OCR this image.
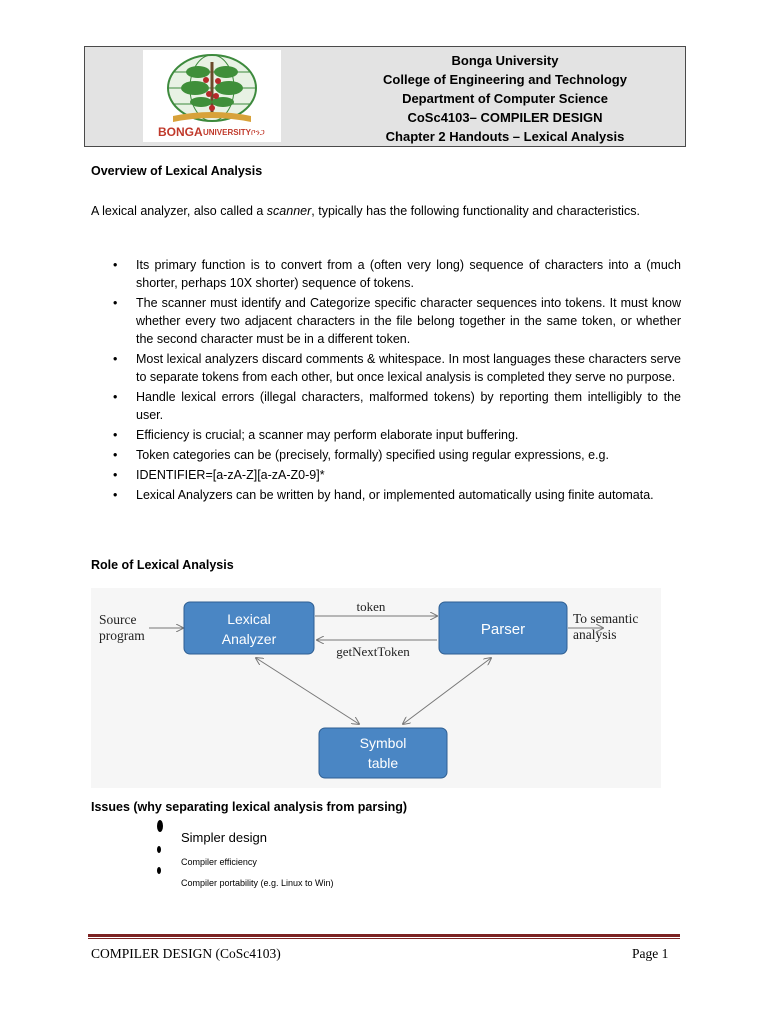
BONGA UNIVERSITY ቦንጋ
Bonga University
College of Engineering and Technology
Department of Computer Science
CoSc4103– COMPILER DESIGN
Chapter 2 Handouts – Lexical Analysis
Overview of Lexical Analysis
A lexical analyzer, also called a scanner, typically has the following functionality and characteristics.
• Its primary function is to convert from a (often very long) sequence of characters into a (much shorter, perhaps 10X shorter) sequence of tokens.
• The scanner must identify and Categorize specific character sequences into tokens. It must know whether every two adjacent characters in the file belong together in the same token, or whether the second character must be in a different token.
• Most lexical analyzers discard comments & whitespace. In most languages these characters serve to separate tokens from each other, but once lexical analysis is completed they serve no purpose.
• Handle lexical errors (illegal characters, malformed tokens) by reporting them intelligibly to the user.
• Efficiency is crucial; a scanner may perform elaborate input buffering.
• Token categories can be (precisely, formally) specified using regular expressions, e.g.
• IDENTIFIER=[a-zA-Z][a-zA-Z0-9]*
• Lexical Analyzers can be written by hand, or implemented automatically using finite automata.
Role of Lexical Analysis
Source
program
Lexical
Analyzer
token
getNextToken
Parser
To semantic
analysis
Symbol
table
Issues (why separating lexical analysis from parsing)
Simpler design
Compiler efficiency
Compiler portability (e.g. Linux to Win)
COMPILER DESIGN (CoSc4103)	Page 1
